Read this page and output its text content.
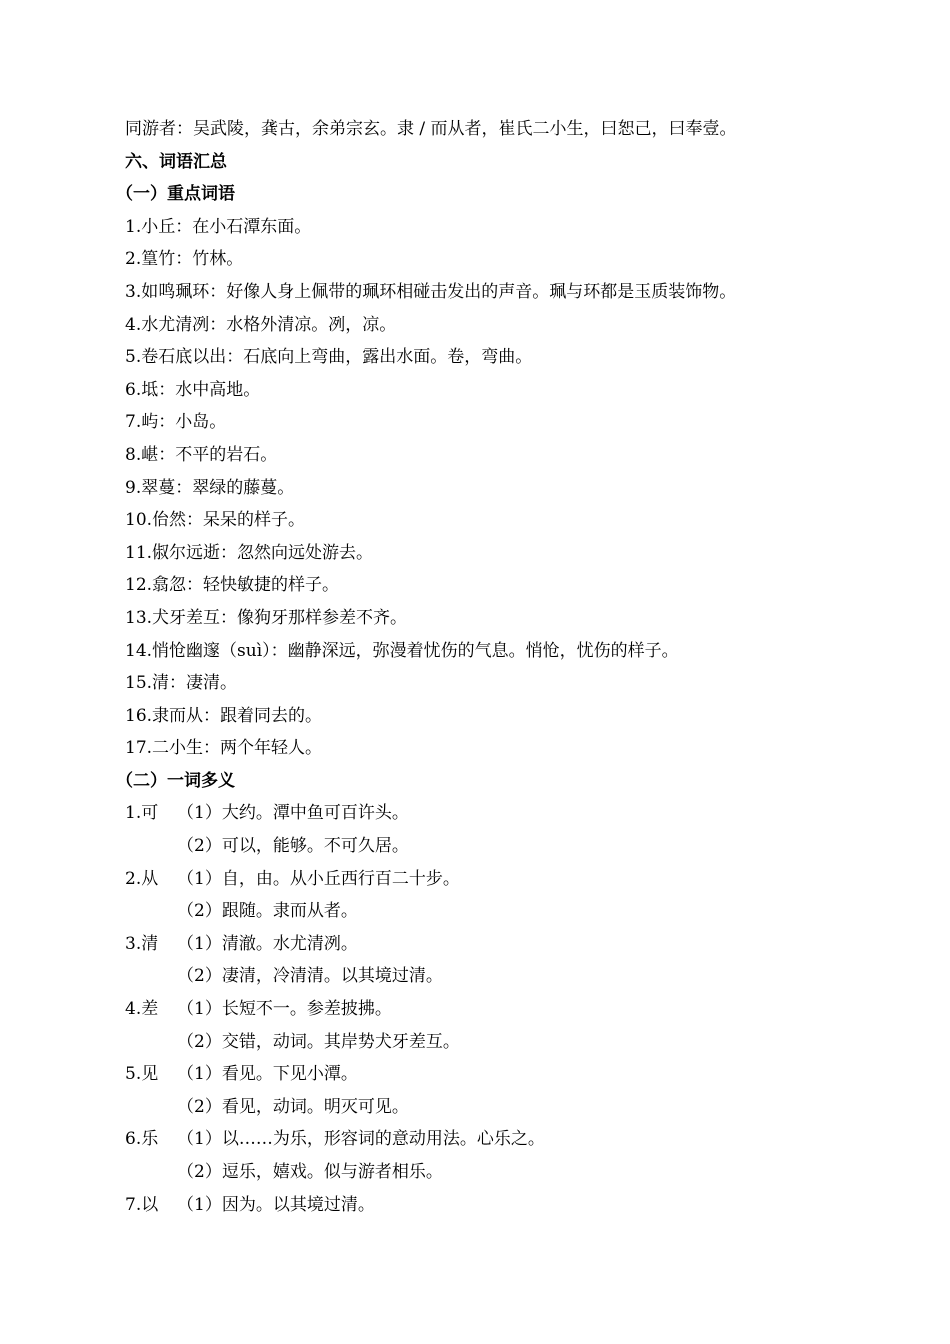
同游者：吴武陵，龚古，余弟宗玄。隶 / 而从者，崔氏二小生，曰恕己，曰奉壹。
六、词语汇总
（一）重点词语
1.小丘：在小石潭东面。
2.篁竹：竹林。
3.如鸣珮环：好像人身上佩带的珮环相碰击发出的声音。珮与环都是玉质装饰物。
4.水尤清冽：水格外清凉。冽，凉。
5.卷石底以出：石底向上弯曲，露出水面。卷，弯曲。
6.坻：水中高地。
7.屿：小岛。
8.嵁：不平的岩石。
9.翠蔓：翠绿的藤蔓。
10.佁然：呆呆的样子。
11.俶尔远逝：忽然向远处游去。
12.翕忽：轻快敏捷的样子。
13.犬牙差互：像狗牙那样参差不齐。
14.悄怆幽邃（suì）：幽静深远，弥漫着忧伤的气息。悄怆，忧伤的样子。
15.清：凄清。
16.隶而从：跟着同去的。
17.二小生：两个年轻人。
（二）一词多义
1.可	（1）大约。潭中鱼可百许头。
（2）可以，能够。不可久居。
2.从	（1）自，由。从小丘西行百二十步。
（2）跟随。隶而从者。
3.清	（1）清澈。水尤清冽。
（2）凄清，冷清清。以其境过清。
4.差	（1）长短不一。参差披拂。
（2）交错，动词。其岸势犬牙差互。
5.见	（1）看见。下见小潭。
（2）看见，动词。明灭可见。
6.乐	（1）以……为乐，形容词的意动用法。心乐之。
（2）逗乐，嬉戏。似与游者相乐。
7.以	（1）因为。以其境过清。
